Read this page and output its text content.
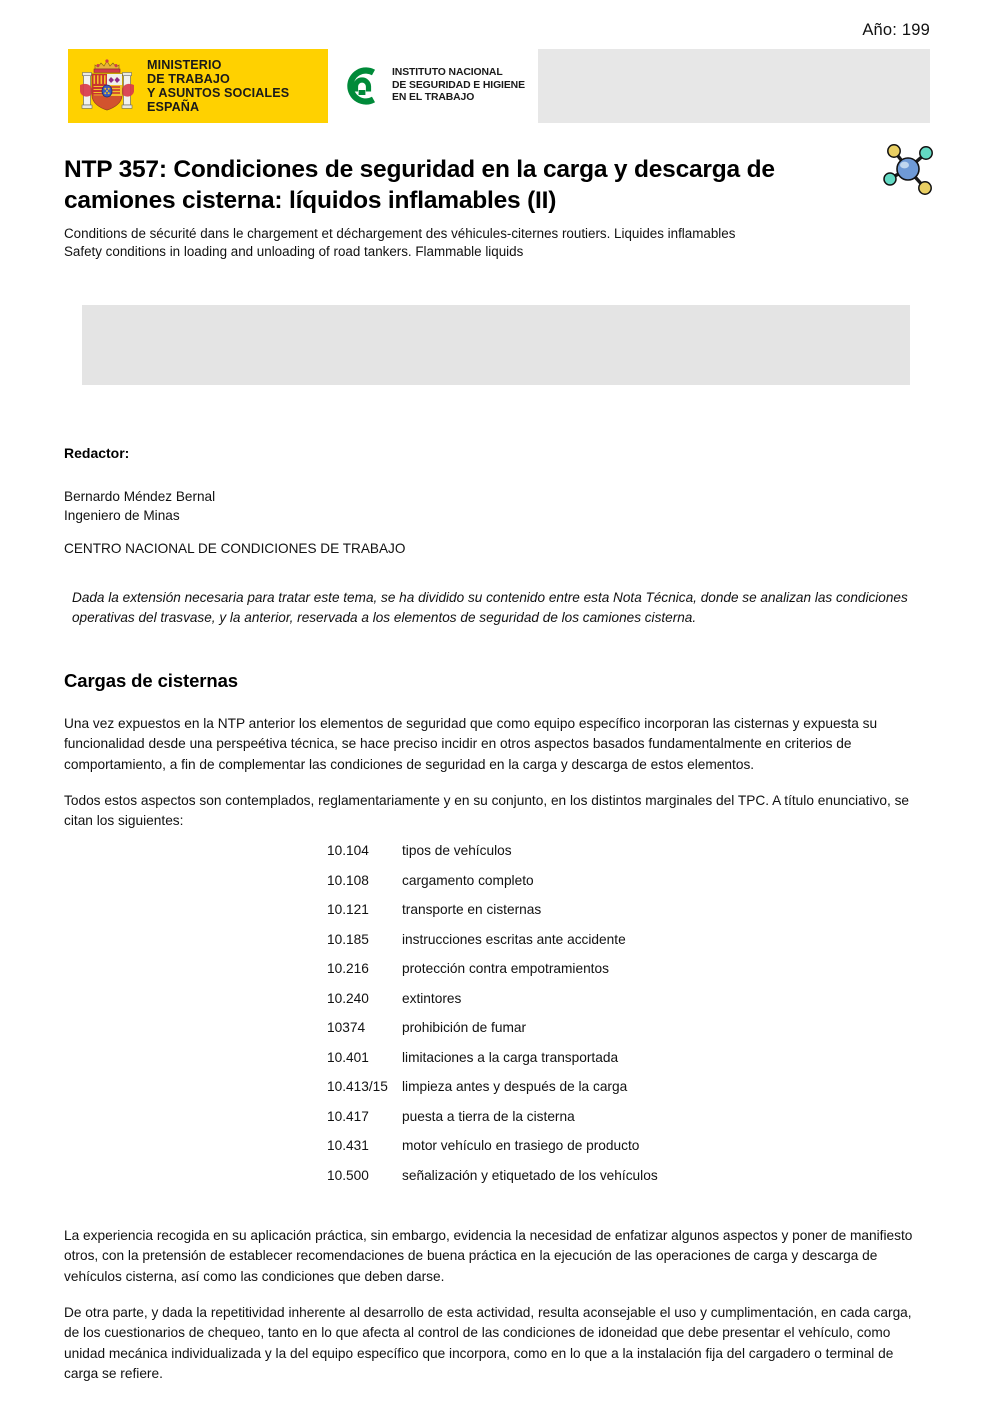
Año: 199
MINISTERIO
DE TRABAJO
Y ASUNTOS SOCIALES
ESPAÑA
INSTITUTO NACIONAL
DE SEGURIDAD E HIGIENE
EN EL TRABAJO
NTP 357: Condiciones de seguridad en la carga y descarga de camiones cisterna: líquidos inflamables (II)
Conditions de sécurité dans le chargement et déchargement des véhicules-citernes routiers. Liquides inflamables
Safety conditions in loading and unloading of road tankers. Flammable liquids
Redactor:
Bernardo Méndez Bernal
Ingeniero de Minas
CENTRO NACIONAL DE CONDICIONES DE TRABAJO
Dada la extensión necesaria para tratar este tema, se ha dividido su contenido entre esta Nota Técnica, donde se analizan las condiciones operativas del trasvase, y la anterior, reservada a los elementos de seguridad de los camiones cisterna.
Cargas de cisternas

Una vez expuestos en la NTP anterior los elementos de seguridad que como equipo específico incorporan las cisternas y expuesta su funcionalidad desde una perspeétiva técnica, se hace preciso incidir en otros aspectos basados fundamentalmente en criterios de comportamiento, a fin de complementar las condiciones de seguridad en la carga y descarga de estos elementos.

Todos estos aspectos son contemplados, reglamentariamente y en su conjunto, en los distintos marginales del TPC. A título enunciativo, se citan los siguientes:

10.104	tipos de vehículos
10.108	cargamento completo
10.121	transporte en cisternas
10.185	instrucciones escritas ante accidente
10.216	protección contra empotramientos
10.240	extintores
10374	prohibición de fumar
10.401	limitaciones a la carga transportada
10.413/15	limpieza antes y después de la carga
10.417	puesta a tierra de la cisterna
10.431	motor vehículo en trasiego de producto
10.500	señalización y etiquetado de los vehículos

La experiencia recogida en su aplicación práctica, sin embargo, evidencia la necesidad de enfatizar algunos aspectos y poner de manifiesto otros, con la pretensión de establecer recomendaciones de buena práctica en la ejecución de las operaciones de carga y descarga de vehículos cisterna, así como las condiciones que deben darse.

De otra parte, y dada la repetitividad inherente al desarrollo de esta actividad, resulta aconsejable el uso y cumplimentación, en cada carga, de los cuestionarios de chequeo, tanto en lo que afecta al control de las condiciones de idoneidad que debe presentar el vehículo, como unidad mecánica individualizada y la del equipo específico que incorpora, como en lo que a la instalación fija del cargadero o terminal de carga se refiere.
